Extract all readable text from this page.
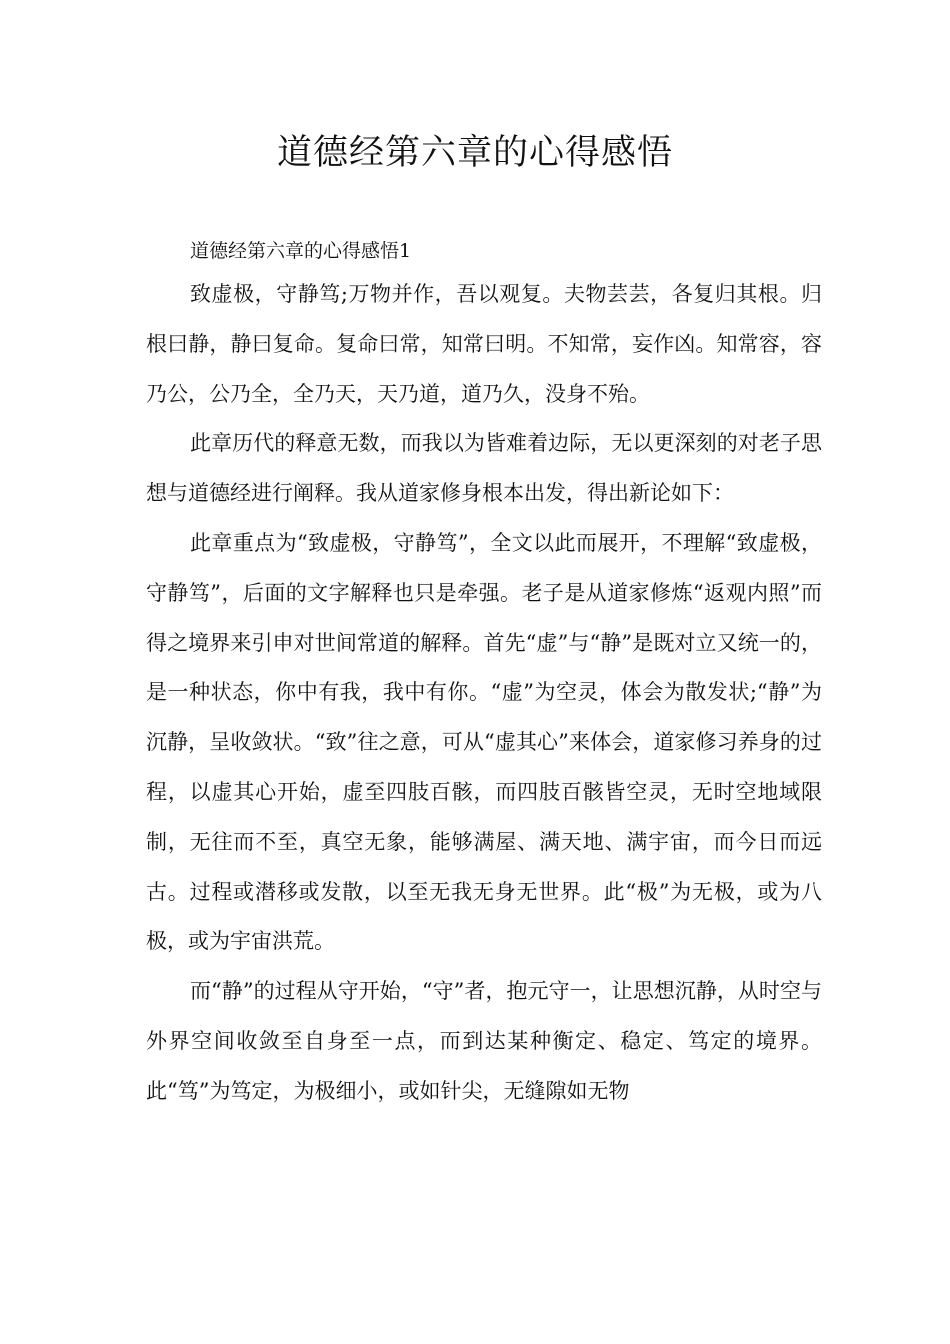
道德经第六章的心得感悟

道德经第六章的心得感悟1

致虚极，守静笃;万物并作，吾以观复。夫物芸芸，各复归其根。归根曰静，静曰复命。复命曰常，知常曰明。不知常，妄作凶。知常容，容乃公，公乃全，全乃天，天乃道，道乃久，没身不殆。

此章历代的释意无数，而我以为皆难着边际，无以更深刻的对老子思想与道德经进行阐释。我从道家修身根本出发，得出新论如下：

此章重点为“致虚极，守静笃”，全文以此而展开，不理解“致虚极，守静笃”，后面的文字解释也只是牵强。老子是从道家修炼“返观内照”而得之境界来引申对世间常道的解释。首先“虚”与“静”是既对立又统一的，是一种状态，你中有我，我中有你。“虚”为空灵，体会为散发状;“静”为沉静，呈收敛状。“致”往之意，可从“虚其心”来体会，道家修习养身的过程，以虚其心开始，虚至四肢百骸，而四肢百骸皆空灵，无时空地域限制，无往而不至，真空无象，能够满屋、满天地、满宇宙，而今日而远古。过程或潜移或发散，以至无我无身无世界。此“极”为无极，或为八极，或为宇宙洪荒。

而“静”的过程从守开始，“守”者，抱元守一，让思想沉静，从时空与外界空间收敛至自身至一点，而到达某种衡定、稳定、笃定的境界。此“笃”为笃定，为极细小，或如针尖，无缝隙如无物
